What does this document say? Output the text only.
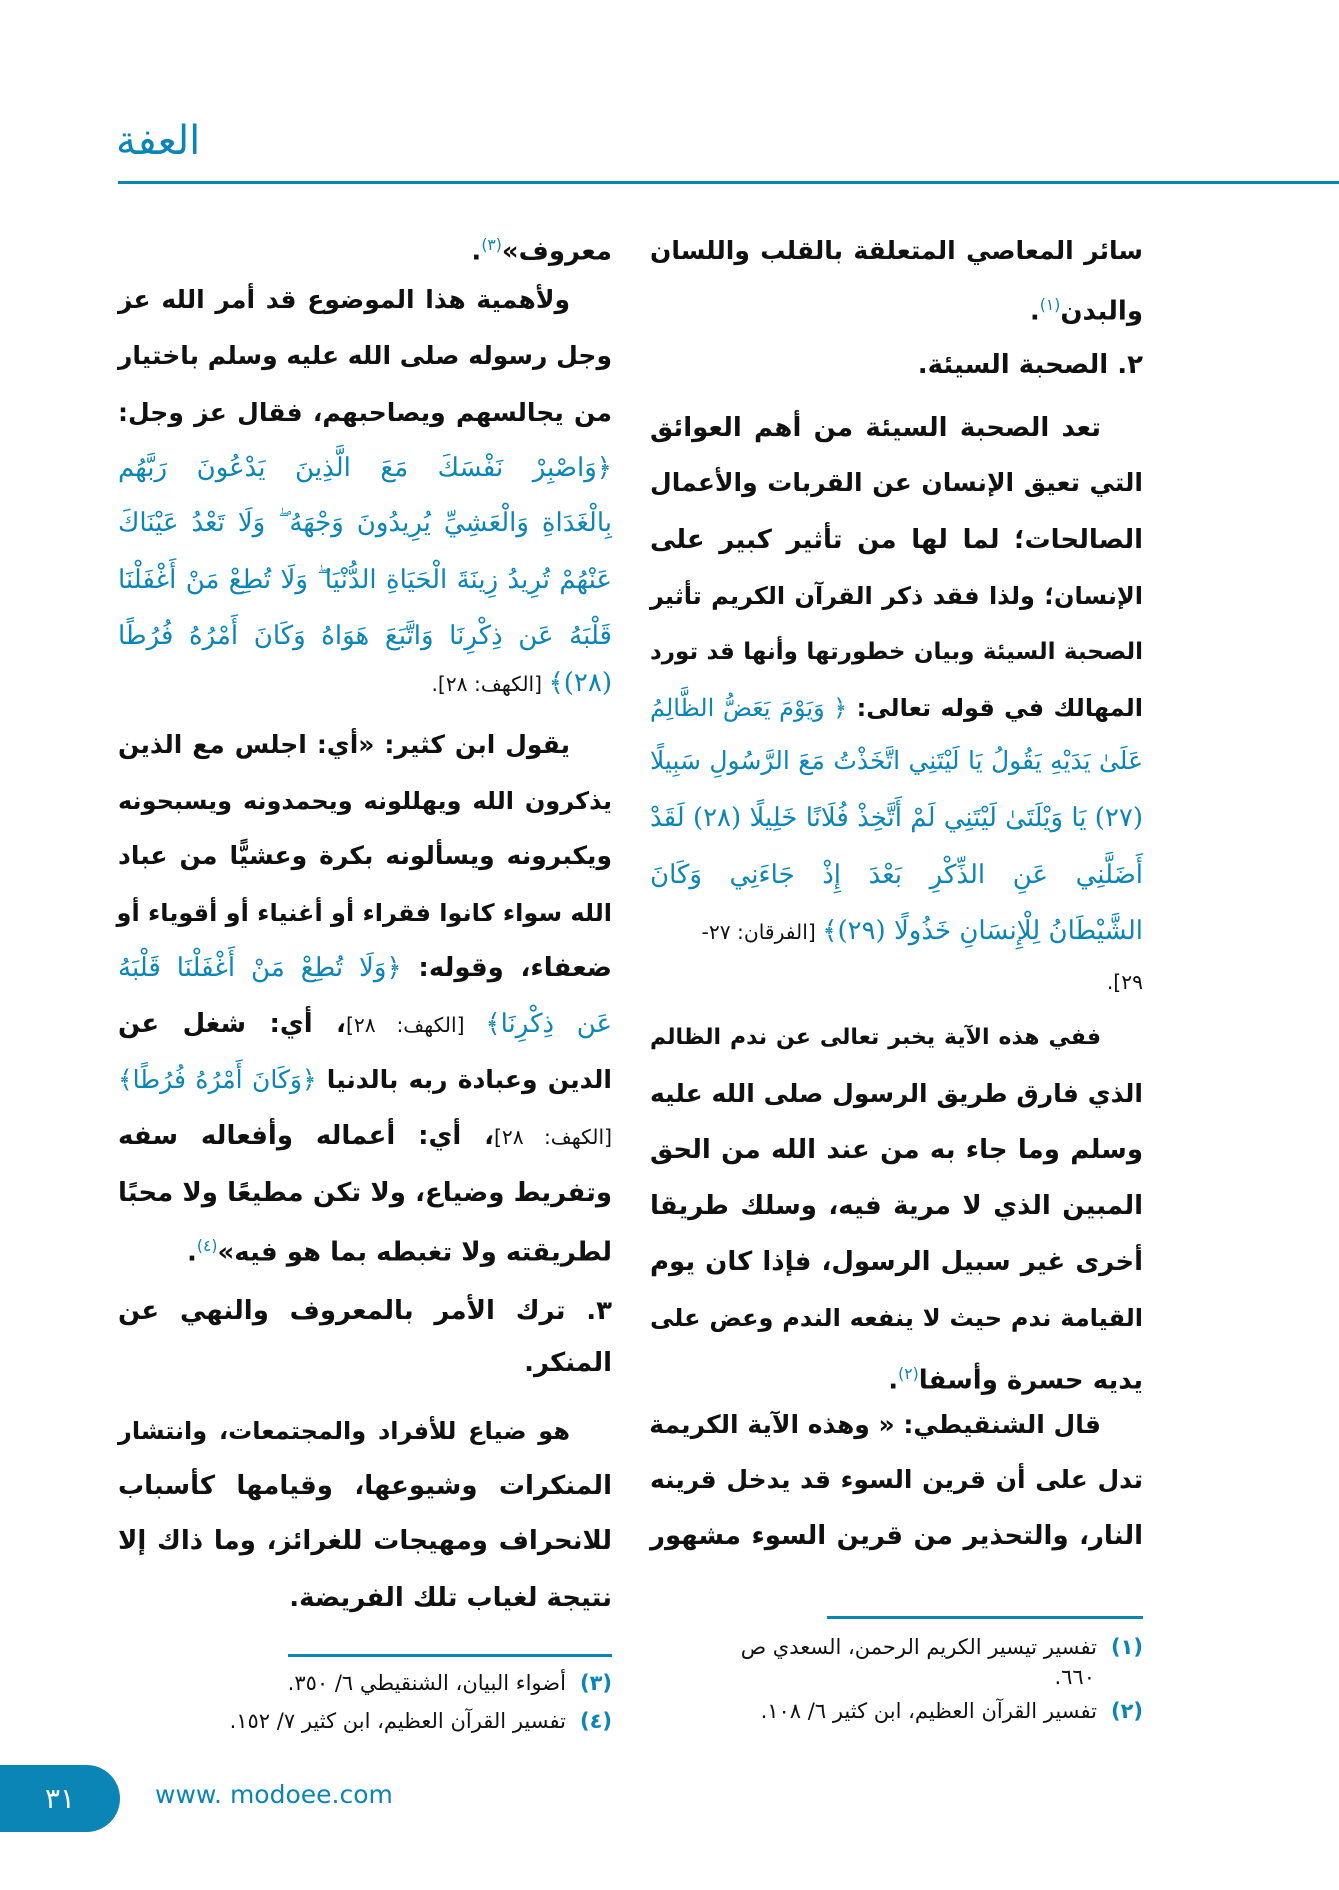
العفة
سائر المعاصي المتعلقة بالقلب واللسان
والبدن$^{(١)}$.
٢. الصحبة السيئة.
تعد الصحبة السيئة من أهم العوائق
التي تعيق الإنسان عن القربات والأعمال
الصالحات؛ لما لها من تأثير كبير على
الإنسان؛ ولذا فقد ذكر القرآن الكريم تأثير
الصحبة السيئة وبيان خطورتها وأنها قد تورد
المهالك في قوله تعالى: ﴿ وَيَوْمَ يَعَضُّ الظَّالِمُ
عَلَىٰ يَدَيْهِ يَقُولُ يَا لَيْتَنِي اتَّخَذْتُ مَعَ الرَّسُولِ سَبِيلًا
(٢٧) يَا وَيْلَتَىٰ لَيْتَنِي لَمْ أَتَّخِذْ فُلَانًا خَلِيلًا (٢٨) لَقَدْ
أَضَلَّنِي عَنِ الذِّكْرِ بَعْدَ إِذْ جَاءَنِي وَكَانَ
الشَّيْطَانُ لِلْإِنسَانِ خَذُولًا (٢٩)﴾ [الفرقان: ٢٧-
٢٩].
ففي هذه الآية يخبر تعالى عن ندم الظالم
الذي فارق طريق الرسول صلى الله عليه
وسلم وما جاء به من عند الله من الحق
المبين الذي لا مرية فيه، وسلك طريقا
أخرى غير سبيل الرسول، فإذا كان يوم
القيامة ندم حيث لا ينفعه الندم وعض على
يديه حسرة وأسفا$^{(٢)}$.
قال الشنقيطي: « وهذه الآية الكريمة
تدل على أن قرين السوء قد يدخل قرينه
النار، والتحذير من قرين السوء مشهور
(١)تفسير تيسير الكريم الرحمن، السعدي ص
٦٦٠.
(٢)تفسير القرآن العظيم، ابن كثير ٦/ ١٠٨.
معروف»$^{(٣)}$.
ولأهمية هذا الموضوع قد أمر الله عز
وجل رسوله صلى الله عليه وسلم باختيار
من يجالسهم ويصاحبهم، فقال عز وجل:
﴿وَاصْبِرْ نَفْسَكَ مَعَ الَّذِينَ يَدْعُونَ رَبَّهُم
بِالْغَدَاةِ وَالْعَشِيِّ يُرِيدُونَ وَجْهَهُ ۖ وَلَا تَعْدُ عَيْنَاكَ
عَنْهُمْ تُرِيدُ زِينَةَ الْحَيَاةِ الدُّنْيَا ۖ وَلَا تُطِعْ مَنْ أَغْفَلْنَا
قَلْبَهُ عَن ذِكْرِنَا وَاتَّبَعَ هَوَاهُ وَكَانَ أَمْرُهُ فُرُطًا
(٢٨)﴾ [الكهف: ٢٨].
يقول ابن كثير: «أي: اجلس مع الذين
يذكرون الله ويهللونه ويحمدونه ويسبحونه
ويكبرونه ويسألونه بكرة وعشيًّا من عباد
الله سواء كانوا فقراء أو أغنياء أو أقوياء أو
ضعفاء، وقوله: ﴿وَلَا تُطِعْ مَنْ أَغْفَلْنَا قَلْبَهُ
عَن ذِكْرِنَا﴾ [الكهف: ٢٨]، أي: شغل عن
الدين وعبادة ربه بالدنيا ﴿وَكَانَ أَمْرُهُ فُرُطًا﴾
[الكهف: ٢٨]، أي: أعماله وأفعاله سفه
وتفريط وضياع، ولا تكن مطيعًا ولا محبًا
لطريقته ولا تغبطه بما هو فيه»$^{(٤)}$.
٣. ترك الأمر بالمعروف والنهي عن
المنكر.
هو ضياع للأفراد والمجتمعات، وانتشار
المنكرات وشيوعها، وقيامها كأسباب
للانحراف ومهيجات للغرائز، وما ذاك إلا
نتيجة لغياب تلك الفريضة.
(٣)أضواء البيان، الشنقيطي ٦/ ٣٥٠.
(٤)تفسير القرآن العظيم، ابن كثير ٧/ ١٥٢.
٣١	www. modoee.com
